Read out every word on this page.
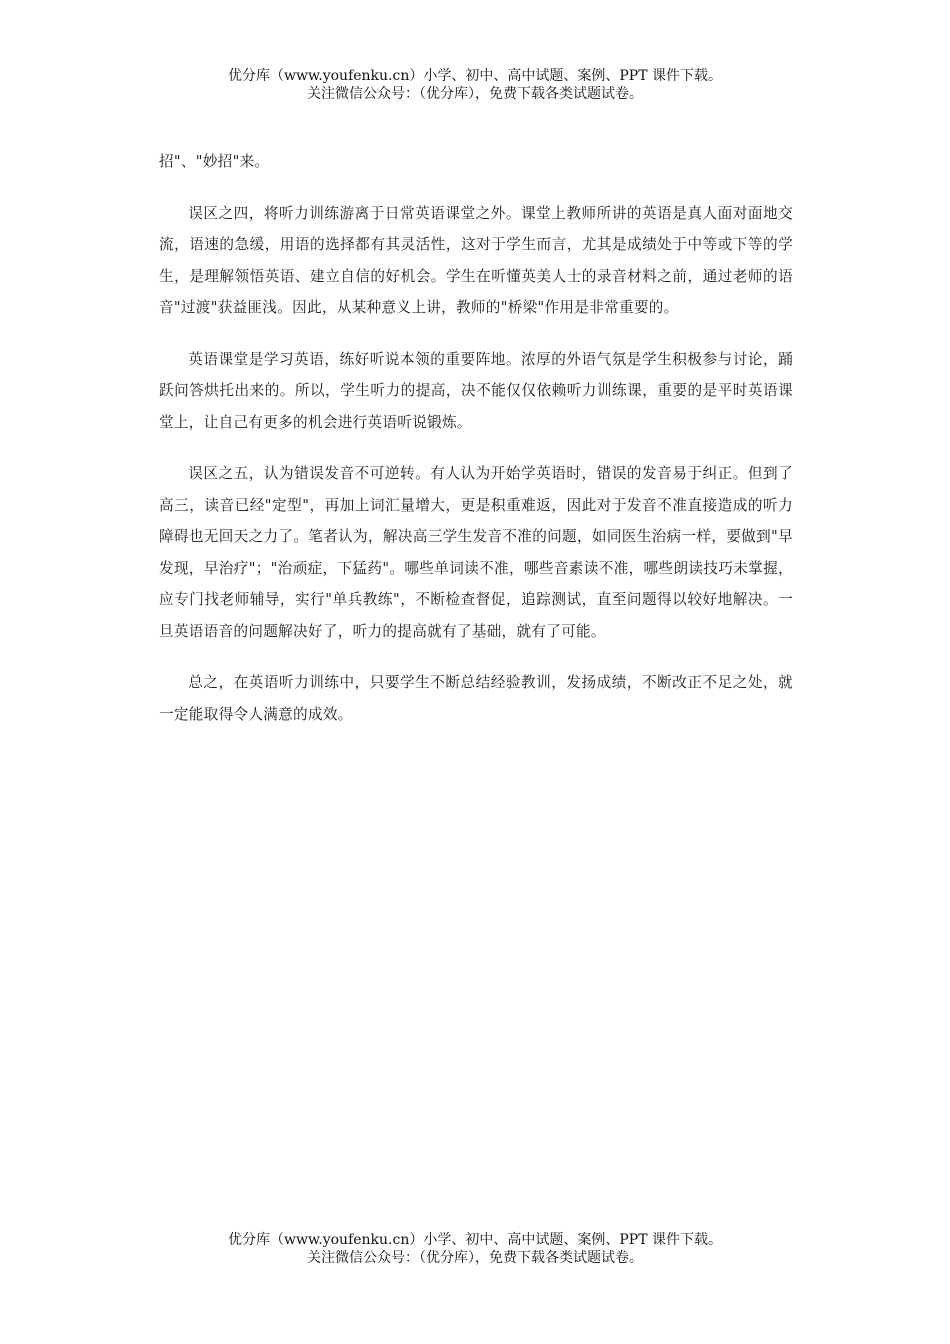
优分库（www.youfenku.cn）小学、初中、高中试题、案例、PPT 课件下载。
关注微信公众号：（优分库），免费下载各类试题试卷。

招"、"妙招"来。

误区之四，将听力训练游离于日常英语课堂之外。课堂上教师所讲的英语是真人面对面地交流，语速的急缓，用语的选择都有其灵活性，这对于学生而言，尤其是成绩处于中等或下等的学生，是理解领悟英语、建立自信的好机会。学生在听懂英美人士的录音材料之前，通过老师的语音"过渡"获益匪浅。因此，从某种意义上讲，教师的"桥梁"作用是非常重要的。

英语课堂是学习英语，练好听说本领的重要阵地。浓厚的外语气氛是学生积极参与讨论，踊跃问答烘托出来的。所以，学生听力的提高，决不能仅仅依赖听力训练课，重要的是平时英语课堂上，让自己有更多的机会进行英语听说锻炼。

误区之五，认为错误发音不可逆转。有人认为开始学英语时，错误的发音易于纠正。但到了高三，读音已经"定型"，再加上词汇量增大，更是积重难返，因此对于发音不准直接造成的听力障碍也无回天之力了。笔者认为，解决高三学生发音不准的问题，如同医生治病一样，要做到"早发现，早治疗"；"治顽症，下猛药"。哪些单词读不准，哪些音素读不准，哪些朗读技巧未掌握，应专门找老师辅导，实行"单兵教练"，不断检查督促，追踪测试，直至问题得以较好地解决。一旦英语语音的问题解决好了，听力的提高就有了基础，就有了可能。

总之，在英语听力训练中，只要学生不断总结经验教训，发扬成绩，不断改正不足之处，就一定能取得令人满意的成效。

优分库（www.youfenku.cn）小学、初中、高中试题、案例、PPT 课件下载。
关注微信公众号：（优分库），免费下载各类试题试卷。
